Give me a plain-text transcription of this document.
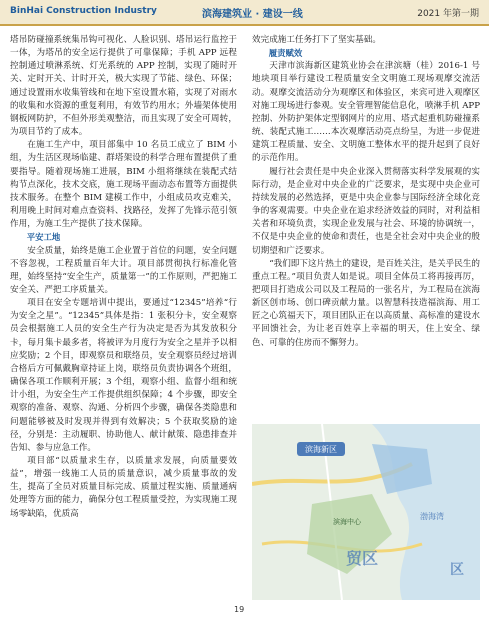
BinHai Construction Industry	滨海建筑业 · 建设一线	2021 年第一期

塔吊防碰撞系统集吊钩可视化、人脸识别、塔吊运行监控于一体，为塔吊的安全运行提供了可靠保障；手机 APP 远程控制通过喷淋系统、灯光系统的 APP 控制，实现了随时开关、定时开关、计时开关，极大实现了节能、绿色、环保；通过设置雨水收集管线和在地下室设置水箱，实现了对雨水的收集和水资源的重复利用，有效节约用水；外墙架体使用钢板网防护，不但外形美观整洁，而且实现了安全可周转，为项目节约了成本。

在施工生产中，项目部集中 10 名员工成立了 BIM 小组，为生活区现场临建、群塔架设的科学合理布置提供了重要指导。随着现场施工进展，BIM 小组将继续在装配式结构节点深化，技术交底，施工现场平面动态布置等方面提供技术服务。在整个 BIM 建模工作中，小组成员攻克难关，利用晚上时间对难点查资料、找路径，发挥了先锋示范引领作用，为施工生产提供了技术保障。

平安工地

安全质量，始终是施工企业置于首位的问题，安全问题不容忽视，工程质量百年大计。项目部贯彻执行标准化管理，始终坚持“安全生产，质量第一”的工作原则，严把施工安全关、严把工序质量关。

项目在安全专题培训中提出，要通过“12345”培养“行为安全之星”。“12345”具体是指：1 张积分卡，安全观察员会根据施工人员的安全生产行为决定是否为其发放积分卡，每月集卡最多者，将被评为月度行为安全之星并予以相应奖励；2 个目，即观察员和联络员，安全观察员经过培训合格后方可佩戴胸章持证上岗，联络员负责协调各个班组，确保各项工作顺利开展；3 个组，观察小组、监督小组和统计小组，为安全生产工作提供组织保障；4 个步骤，即安全观察的准备、观察、沟通、分析四个步骤，确保各类隐患和问题能够被及时发现并得到有效解决；5 个获取奖励的途径，分别是：主动履职、协助他人、献计献策、隐患排查并告知、参与应急工作。

项目部“以质量求生存，以质量求发展，向质量要效益”，增强一线施工人员的质量意识，减少质量事故的发生，提高了全员对质量目标完成、质量过程实施、质量通病处理等方面的能力，确保分包工程质量受控，为实现施工现场零缺陷，优质高

效完成施工任务打下了坚实基础。

履责赋效

天津市滨海新区建筑业协会在津滨塘（桂）2016-1 号地块项目举行建设工程质量安全文明施工现场观摩交流活动。观摩交流活动分为观摩区和体验区，来宾可进入观摩区对施工现场进行参观。安全管理智能信息化，喷淋手机 APP 控制、外防护架体定型钢网片的应用、塔式起重机防碰撞系统、装配式施工……本次观摩活动亮点纷呈，为进一步促进建筑工程质量、安全、文明施工整体水平的提升起到了良好的示范作用。

履行社会责任是中央企业深入贯彻落实科学发展观的实际行动，是企业对中央企业的广泛要求，是实现中央企业可持续发展的必然选择，更是中央企业参与国际经济全球化竞争的客观需要。中央企业在追求经济效益的同时，对利益相关者和环境负责，实现企业发展与社会、环境的协调统一，不仅是中央企业的使命和责任，也是全社会对中央企业的殷切期望和广泛要求。

“我们即下这片热土的建设，是百姓关注，是关乎民生的重点工程。”项目负责人如是说。项目全体员工将再接再厉，把项目打造成公司以及工程局的一张名片，为工程局在滨海新区创市场、创口碑贡献力量。以智慧科技造福滨海、用工匠之心筑福天下，项目团队正在以高质量、高标准的建设水平回馈社会，为让老百姓享上幸福的明天，住上安全、绿色、可靠的住房而不懈努力。

滨海新区
渤海湾
滨海中心
贸区
区
19
